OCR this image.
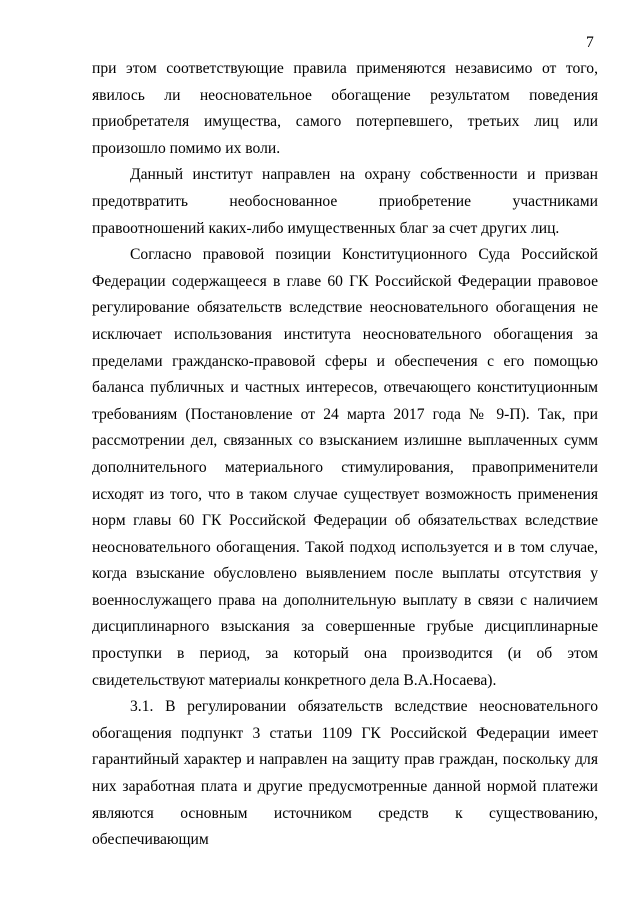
7

при этом соответствующие правила применяются независимо от того, явилось ли неосновательное обогащение результатом поведения приобретателя имущества, самого потерпевшего, третьих лиц или произошло помимо их воли.

Данный институт направлен на охрану собственности и призван предотвратить необоснованное приобретение участниками правоотношений каких-либо имущественных благ за счет других лиц.

Согласно правовой позиции Конституционного Суда Российской Федерации содержащееся в главе 60 ГК Российской Федерации правовое регулирование обязательств вследствие неосновательного обогащения не исключает использования института неосновательного обогащения за пределами гражданско-правовой сферы и обеспечения с его помощью баланса публичных и частных интересов, отвечающего конституционным требованиям (Постановление от 24 марта 2017 года № 9-П). Так, при рассмотрении дел, связанных со взысканием излишне выплаченных сумм дополнительного материального стимулирования, правоприменители исходят из того, что в таком случае существует возможность применения норм главы 60 ГК Российской Федерации об обязательствах вследствие неосновательного обогащения. Такой подход используется и в том случае, когда взыскание обусловлено выявлением после выплаты отсутствия у военнослужащего права на дополнительную выплату в связи с наличием дисциплинарного взыскания за совершенные грубые дисциплинарные проступки в период, за который она производится (и об этом свидетельствуют материалы конкретного дела В.А.Носаева).

3.1. В регулировании обязательств вследствие неосновательного обогащения подпункт 3 статьи 1109 ГК Российской Федерации имеет гарантийный характер и направлен на защиту прав граждан, поскольку для них заработная плата и другие предусмотренные данной нормой платежи являются основным источником средств к существованию, обеспечивающим
